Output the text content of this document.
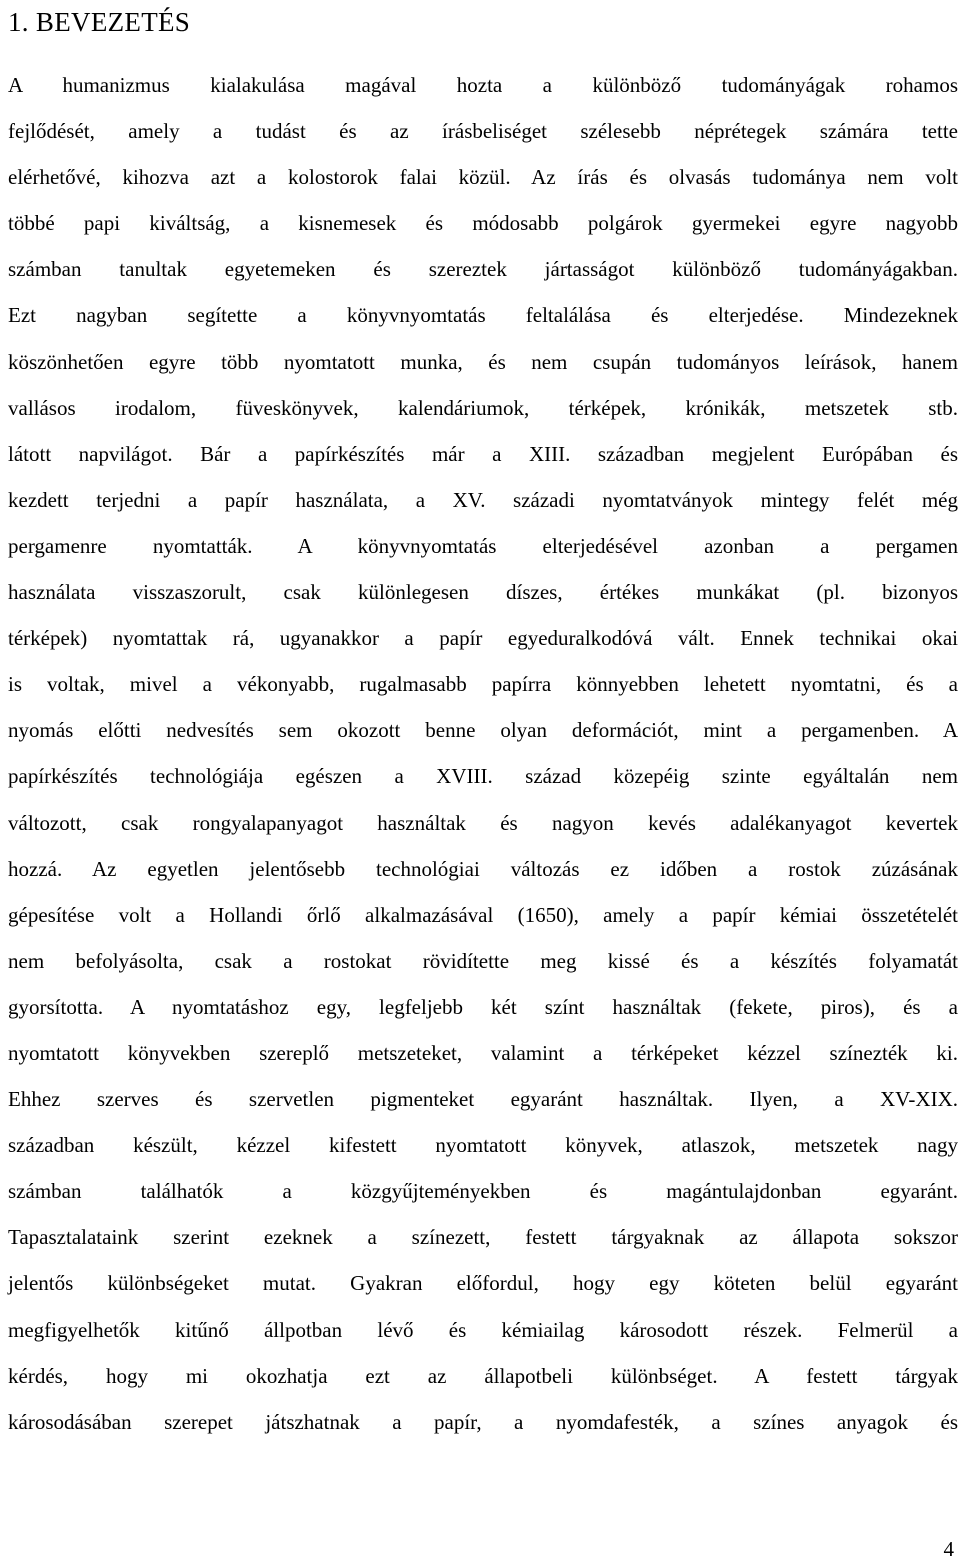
1. BEVEZETÉS
A humanizmus kialakulása magával hozta a különböző tudományágak rohamos
fejlődését, amely a tudást és az írásbeliséget szélesebb néprétegek számára tette
elérhetővé, kihozva azt a kolostorok falai közül. Az írás és olvasás tudománya nem volt
többé papi kiváltság, a kisnemesek és módosabb polgárok gyermekei egyre nagyobb
számban tanultak egyetemeken és szereztek jártasságot különböző tudományágakban.
Ezt nagyban segítette a könyvnyomtatás feltalálása és elterjedése. Mindezeknek
köszönhetően egyre több nyomtatott munka, és nem csupán tudományos leírások, hanem
vallásos irodalom, füveskönyvek, kalendáriumok, térképek, krónikák, metszetek stb.
látott napvilágot. Bár a papírkészítés már a XIII. században megjelent Európában és
kezdett terjedni a papír használata, a XV. századi nyomtatványok mintegy felét még
pergamenre nyomtatták. A könyvnyomtatás elterjedésével azonban a pergamen
használata visszaszorult, csak különlegesen díszes, értékes munkákat (pl. bizonyos
térképek) nyomtattak rá, ugyanakkor a papír egyeduralkodóvá vált. Ennek technikai okai
is voltak, mivel a vékonyabb, rugalmasabb papírra könnyebben lehetett nyomtatni, és a
nyomás előtti nedvesítés sem okozott benne olyan deformációt, mint a pergamenben. A
papírkészítés technológiája egészen a XVIII. század közepéig szinte egyáltalán nem
változott, csak rongyalapanyagot használtak és nagyon kevés adalékanyagot kevertek
hozzá. Az egyetlen jelentősebb technológiai változás ez időben a rostok zúzásának
gépesítése volt a Hollandi őrlő alkalmazásával (1650), amely a papír kémiai összetételét
nem befolyásolta, csak a rostokat rövidítette meg kissé és a készítés folyamatát
gyorsította. A nyomtatáshoz egy, legfeljebb két színt használtak (fekete, piros), és a
nyomtatott könyvekben szereplő metszeteket, valamint a térképeket kézzel színezték ki.
Ehhez szerves és szervetlen pigmenteket egyaránt használtak. Ilyen, a XV-XIX.
században készült, kézzel kifestett nyomtatott könyvek, atlaszok, metszetek nagy
számban találhatók a közgyűjteményekben és magántulajdonban egyaránt.
Tapasztalataink szerint ezeknek a színezett, festett tárgyaknak az állapota sokszor
jelentős különbségeket mutat. Gyakran előfordul, hogy egy köteten belül egyaránt
megfigyelhetők kitűnő állpotban lévő és kémiailag károsodott részek. Felmerül a
kérdés, hogy mi okozhatja ezt az állapotbeli különbséget. A festett tárgyak
károsodásában szerepet játszhatnak a papír, a nyomdafesték, a színes anyagok és
4
